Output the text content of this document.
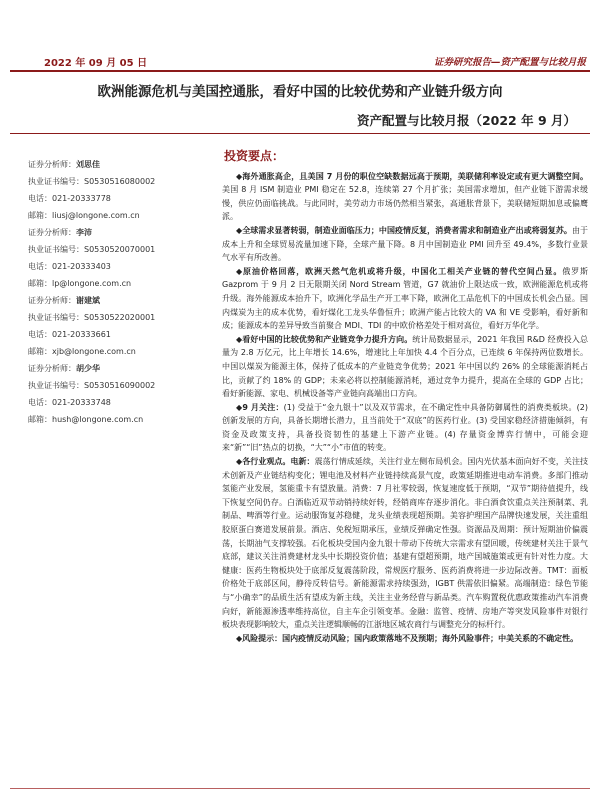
2022 年 09 月 05 日	证券研究报告—资产配置与比较月报
欧洲能源危机与美国控通胀，看好中国的比较优势和产业链升级方向
资产配置与比较月报（2022 年 9 月）
证券分析师：刘思佳
执业证书编号：S0530516080002
电话：021-20333778
邮箱：liusj@longone.com.cn
证券分析师：李沛
执业证书编号：S0530520070001
电话：021-20333403
邮箱：lp@longone.com.cn
证券分析师：谢建斌
执业证书编号：S0530522020001
电话：021-20333661
邮箱：xjb@longone.com.cn
证券分析师：胡少华
执业证书编号：S0530516090002
电话：021-20333748
邮箱：hush@longone.com.cn
投资要点：

◆海外通胀高企，且美国 7 月份的职位空缺数据远高于预期，美联储利率设定或有更大调整空间。美国 8 月 ISM 制造业 PMI 稳定在 52.8，连续第 27 个月扩张；美国需求增加，但产业链下游需求缓慢，供应仍面临挑战。与此同时，美劳动力市场仍然相当紧张，高通胀背景下，美联储短期加息或偏鹰派。

◆全球需求显著转弱，制造业面临压力；中国疫情反复，消费者需求和制造业产出或将弱复苏。由于成本上升和全球贸易流量加速下降，全球产量下降。8 月中国制造业 PMI 回升至 49.4%，多数行业景气水平有所改善。

◆原油价格回落，欧洲天然气危机或将升级，中国化工相关产业链的替代空间凸显。俄罗斯 Gazprom 于 9 月 2 日无限期关闭 Nord Stream 管道，G7 就油价上限达成一致，欧洲能源危机或将升级。海外能源成本抬升下，欧洲化学品生产开工率下降，欧洲化工品危机下的中国成长机会凸显。国内煤炭为主的成本优势，看好煤化工龙头华鲁恒升；欧洲产能占比较大的 VA 和 VE 受影响，看好新和成；能源成本的差异导致当前聚合 MDI、TDI 的中欧价格差处于相对高位，看好万华化学。

◆看好中国的比较优势和产业链竞争力提升方向。统计局数据显示，2021 年我国 R&D 经费投入总量为 2.8 万亿元，比上年增长 14.6%，增速比上年加快 4.4 个百分点，已连续 6 年保持两位数增长。中国以煤炭为能源主体，保持了低成本的产业链竞争优势；2021 年中国以约 26% 的全球能源消耗占比，贡献了约 18% 的 GDP；未来必将以控制能源消耗，通过竞争力提升，提高在全球的 GDP 占比；看好新能源、家电、机械设备等产业链向高端出口方向。

◆9 月关注：(1) 受益于“金九银十”以及双节需求，在不确定性中具备防御属性的消费类板块。(2) 创新发展的方向，具备长期增长潜力，且当前处于“双底”的医药行业。(3) 受国家稳经济措施倾斜，有资金及政策支持，具备投资韧性的基建上下游产业链。(4) 存量资金博弈行情中，可能会迎来“新”“旧”热点的切换，“大”“小”市值的转变。

◆各行业观点。电新：震荡行情成延续，关注行业左侧布局机会。国内光伏基本面向好不变，关注技术创新及产业链结构变化；锂电池及材料产业链持续高景气度，政策延期推进电动车消费。多部门推动氢能产业发展，氢能重卡有望放量。消费：7 月社零较弱，恢复速度低于预期，“双节”期待值提升，线下恢复空间仍存。白酒临近双节动销持续好转，经销商库存逐步消化。非白酒食饮重点关注预制菜、乳制品、啤酒等行业。运动服饰复苏稳健，龙头业绩表现超预期。美容护理国产品牌快速发展，关注重组胶原蛋白赛道发展前景。酒店、免税短期承压，业绩反弹确定性强。资源品及周期：预计短期油价偏震荡，长期油气支撑较强。石化板块受国内金九银十带动下传统大宗需求有望回暖，传统建材关注于景气底部，建议关注消费建材龙头中长期投资价值；基建有望超预期，地产国城施策或更有针对性力度。大健康：医药生物板块处于底部反复震荡阶段，常规医疗服务、医药消费将进一步边际改善。TMT：面板价格处于底部区间，静待反转信号。新能源需求持续强劲，IGBT 供需依旧偏紧。高端制造：绿色节能与“小确幸”的品质生活有望成为新主线，关注主业务经营与新品类。汽车购置税优惠政策推动汽车消费向好，新能源渗透率维持高位，自主车企引领变革。金融：监管、疫情、房地产等突发风险事件对银行板块表现影响较大，重点关注逻辑顺畅的江浙地区城农商行与调整充分的标杆行。

◆风险提示：国内疫情反动风险；国内政策落地不及预期；海外风险事件；中美关系的不确定性。
